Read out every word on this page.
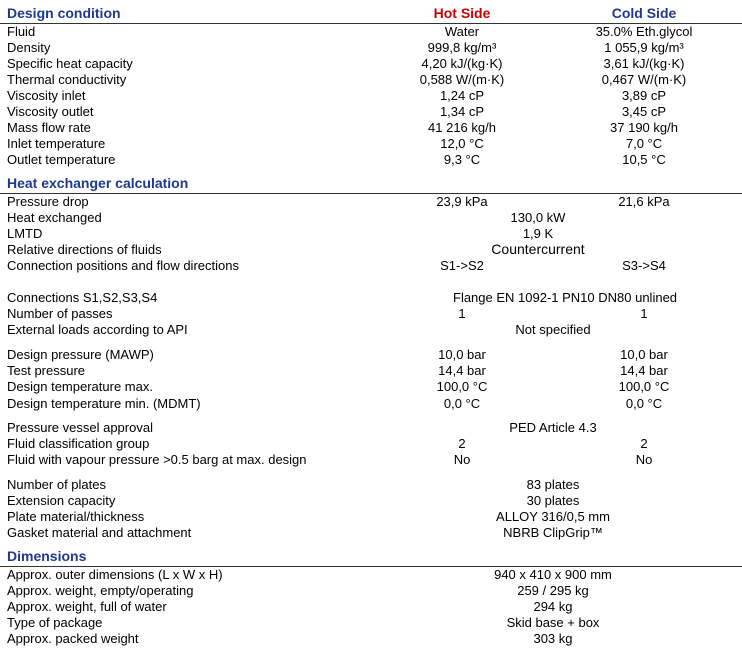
Design condition	Hot Side	Cold Side
Fluid	Water	35.0% Eth.glycol
Density	999,8 kg/m³	1 055,9 kg/m³
Specific heat capacity	4,20 kJ/(kg·K)	3,61 kJ/(kg·K)
Thermal conductivity	0,588 W/(m·K)	0,467 W/(m·K)
Viscosity inlet	1,24 cP	3,89 cP
Viscosity outlet	1,34 cP	3,45 cP
Mass flow rate	41 216 kg/h	37 190 kg/h
Inlet temperature	12,0 °C	7,0 °C
Outlet temperature	9,3 °C	10,5 °C
Heat exchanger calculation
Pressure drop	23,9 kPa	21,6 kPa
Heat exchanged	130,0 kW
LMTD	1,9 K
Relative directions of fluids	Countercurrent
Connection positions and flow directions	S1->S2	S3->S4
Connections S1,S2,S3,S4	Flange EN 1092-1 PN10 DN80 unlined
Number of passes	1	1
External loads according to API	Not specified
Design pressure (MAWP)	10,0 bar	10,0 bar
Test pressure	14,4 bar	14,4 bar
Design temperature max.	100,0 °C	100,0 °C
Design temperature min. (MDMT)	0,0 °C	0,0 °C
Pressure vessel approval	PED Article 4.3
Fluid classification group	2	2
Fluid with vapour pressure >0.5 barg at max. design	No	No
Number of plates	83 plates
Extension capacity	30 plates
Plate material/thickness	ALLOY 316/0,5 mm
Gasket material and attachment	NBRB ClipGrip™
Dimensions
Approx. outer dimensions (L x W x H)	940 x 410 x 900 mm
Approx. weight, empty/operating	259 / 295 kg
Approx. weight, full of water	294 kg
Type of package	Skid base + box
Approx. packed weight	303 kg
